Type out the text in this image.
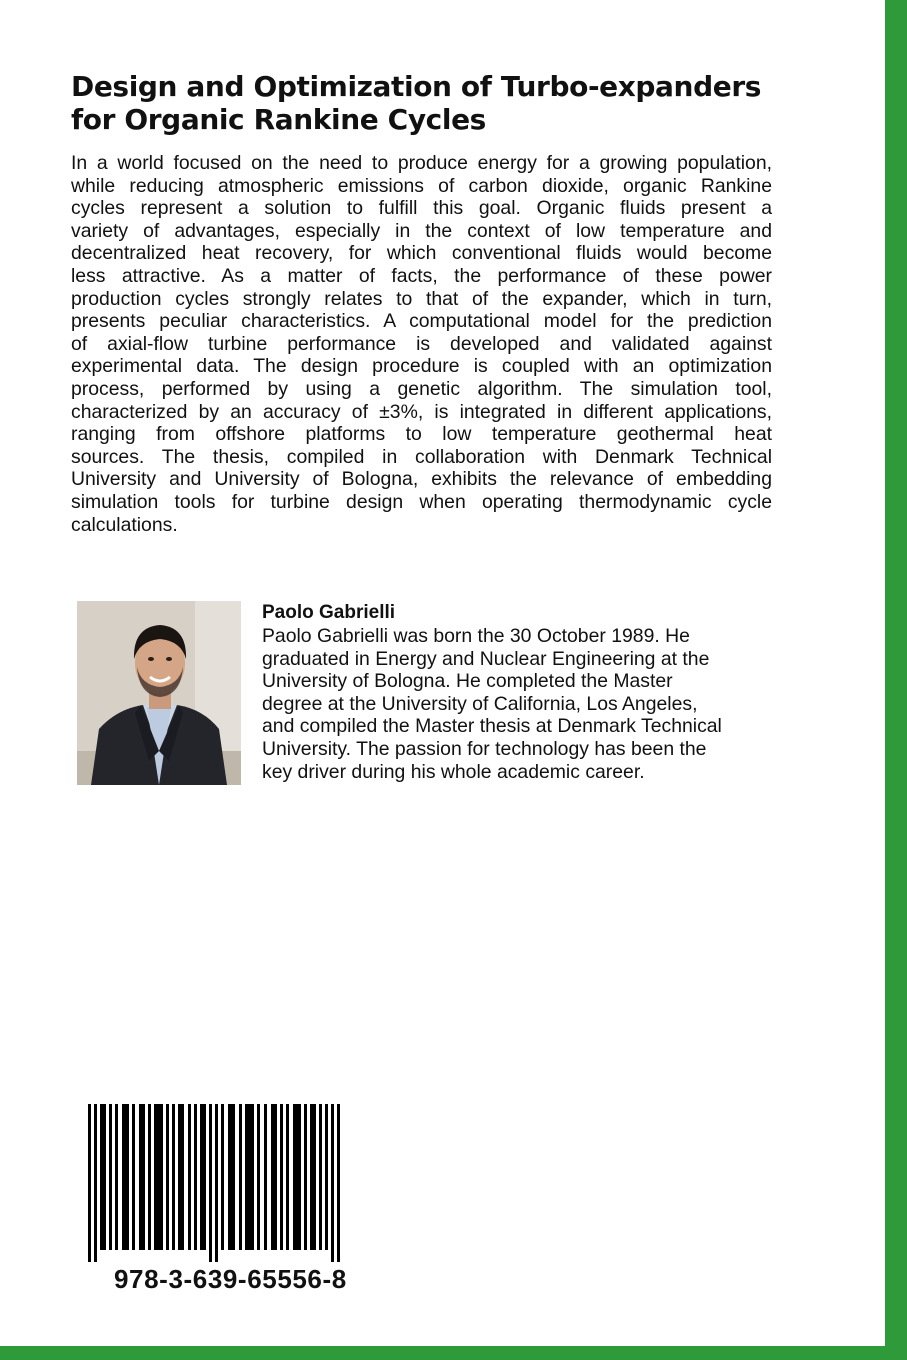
Design and Optimization of Turbo-expanders
for Organic Rankine Cycles
In a world focused on the need to produce energy for a growing population,
while reducing atmospheric emissions of carbon dioxide, organic Rankine
cycles represent a solution to fulfill this goal. Organic fluids present a
variety of advantages, especially in the context of low temperature and
decentralized heat recovery, for which conventional fluids would become
less attractive. As a matter of facts, the performance of these power
production cycles strongly relates to that of the expander, which in turn,
presents peculiar characteristics. A computational model for the prediction
of axial-flow turbine performance is developed and validated against
experimental data. The design procedure is coupled with an optimization
process, performed by using a genetic algorithm. The simulation tool,
characterized by an accuracy of ±3%, is integrated in different applications,
ranging from offshore platforms to low temperature geothermal heat
sources. The thesis, compiled in collaboration with Denmark Technical
University and University of Bologna, exhibits the relevance of embedding
simulation tools for turbine design when operating thermodynamic cycle
calculations.

Paolo Gabrielli

Paolo Gabrielli was born the 30 October 1989. He
graduated in Energy and Nuclear Engineering at the
University of Bologna. He completed the Master
degree at the University of California, Los Angeles,
and compiled the Master thesis at Denmark Technical
University. The passion for technology has been the
key driver during his whole academic career.

978-3-639-65556-8
